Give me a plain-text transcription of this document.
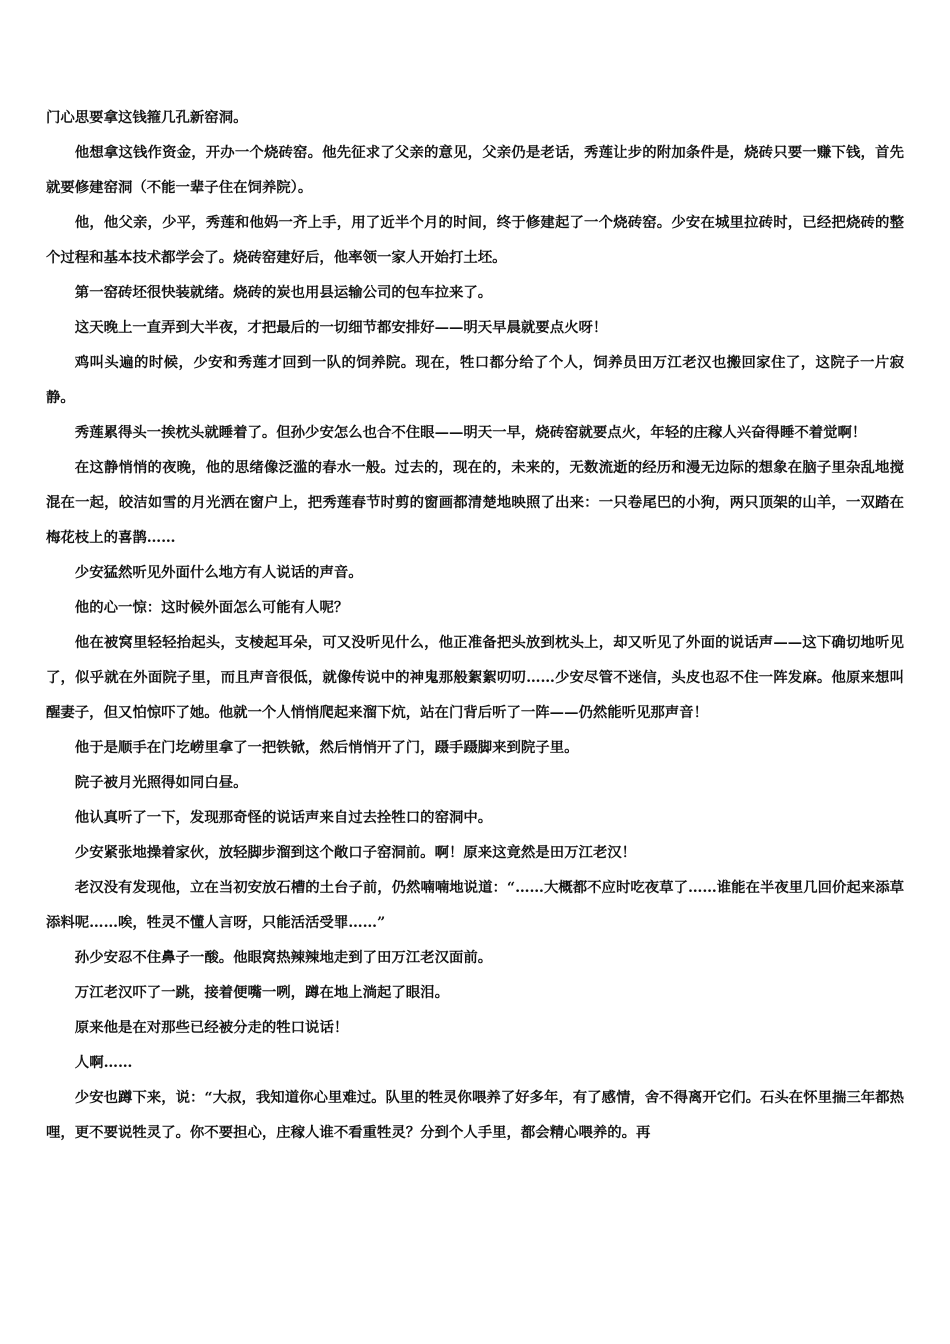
门心思要拿这钱箍几孔新窑洞。

他想拿这钱作资金，开办一个烧砖窑。他先征求了父亲的意见，父亲仍是老话，秀莲让步的附加条件是，烧砖只要一赚下钱，首先就要修建窑洞（不能一辈子住在饲养院）。

他，他父亲，少平，秀莲和他妈一齐上手，用了近半个月的时间，终于修建起了一个烧砖窑。少安在城里拉砖时，已经把烧砖的整个过程和基本技术都学会了。烧砖窑建好后，他率领一家人开始打土坯。

第一窑砖坯很快装就绪。烧砖的炭也用县运输公司的包车拉来了。

这天晚上一直弄到大半夜，才把最后的一切细节都安排好——明天早晨就要点火呀！

鸡叫头遍的时候，少安和秀莲才回到一队的饲养院。现在，牲口都分给了个人，饲养员田万江老汉也搬回家住了，这院子一片寂静。

秀莲累得头一挨枕头就睡着了。但孙少安怎么也合不住眼——明天一早，烧砖窑就要点火，年轻的庄稼人兴奋得睡不着觉啊！

在这静悄悄的夜晚，他的思绪像泛滥的春水一般。过去的，现在的，未来的，无数流逝的经历和漫无边际的想象在脑子里杂乱地搅混在一起，皎洁如雪的月光洒在窗户上，把秀莲春节时剪的窗画都清楚地映照了出来：一只卷尾巴的小狗，两只顶架的山羊，一双踏在梅花枝上的喜鹊……

少安猛然听见外面什么地方有人说话的声音。

他的心一惊：这时候外面怎么可能有人呢？

他在被窝里轻轻抬起头，支棱起耳朵，可又没听见什么，他正准备把头放到枕头上，却又听见了外面的说话声——这下确切地听见了，似乎就在外面院子里，而且声音很低，就像传说中的神鬼那般絮絮叨叨……少安尽管不迷信，头皮也忍不住一阵发麻。他原来想叫醒妻子，但又怕惊吓了她。他就一个人悄悄爬起来溜下炕，站在门背后听了一阵——仍然能听见那声音！

他于是顺手在门圪崂里拿了一把铁锨，然后悄悄开了门，蹑手蹑脚来到院子里。

院子被月光照得如同白昼。

他认真听了一下，发现那奇怪的说话声来自过去拴牲口的窑洞中。

少安紧张地操着家伙，放轻脚步溜到这个敞口子窑洞前。啊！原来这竟然是田万江老汉！

老汉没有发现他，立在当初安放石槽的土台子前，仍然喃喃地说道：“……大概都不应时吃夜草了……谁能在半夜里几回价起来添草添料呢……唉，牲灵不懂人言呀，只能活活受罪……”

孙少安忍不住鼻子一酸。他眼窝热辣辣地走到了田万江老汉面前。

万江老汉吓了一跳，接着便嘴一咧，蹲在地上淌起了眼泪。

原来他是在对那些已经被分走的牲口说话！

人啊……

少安也蹲下来，说：“大叔，我知道你心里难过。队里的牲灵你喂养了好多年，有了感情，舍不得离开它们。石头在怀里揣三年都热哩，更不要说牲灵了。你不要担心，庄稼人谁不看重牲灵？分到个人手里，都会精心喂养的。再
